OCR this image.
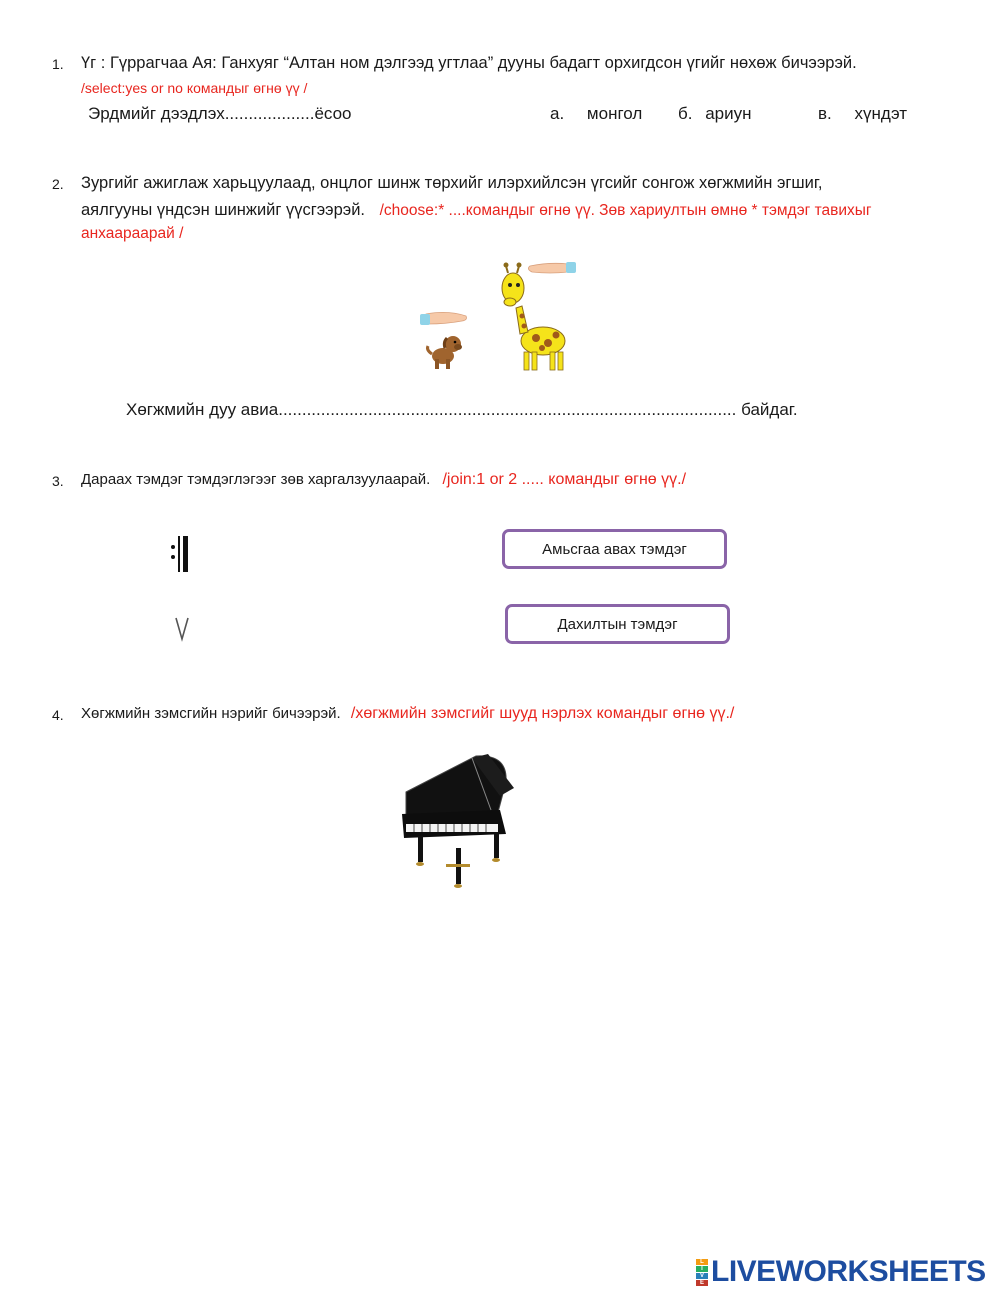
1. Үг : Гүррагчаа Ая: Ганхуяг “Алтан ном дэлгээд угтлаа” дууны бадагт орхигдсон үгийг нөхөж бичээрэй.
/select:yes or no командыг өгнө үү /
Эрдмийг дээдлэх...................ёсоо	а. монгол б. ариун	в. хүндэт
2. Зургийг ажиглаж харьцуулаад, онцлог шинж төрхийг илэрхийлсэн үгсийг сонгож хөгжмийн эгшиг,
аялгууны үндсэн шинжийг үүсгээрэй. /choose:* ....командыг өгнө үү. Зөв хариултын өмнө * тэмдэг тавихыг
анхаараарай /
Хөгжмийн дуу авиа................................................................................................. байдаг.
3. Дараах тэмдэг тэмдэглэгээг зөв харгалзуулаарай. /join:1 or 2 ..... командыг өгнө үү./
Амьсгаа авах тэмдэг
Дахилтын тэмдэг
4. Хөгжмийн зэмсгийн нэрийг бичээрэй. /хөгжмийн зэмсгийг шууд нэрлэх командыг өгнө үү./
L
I
V
E LIVEWORKSHEETS
